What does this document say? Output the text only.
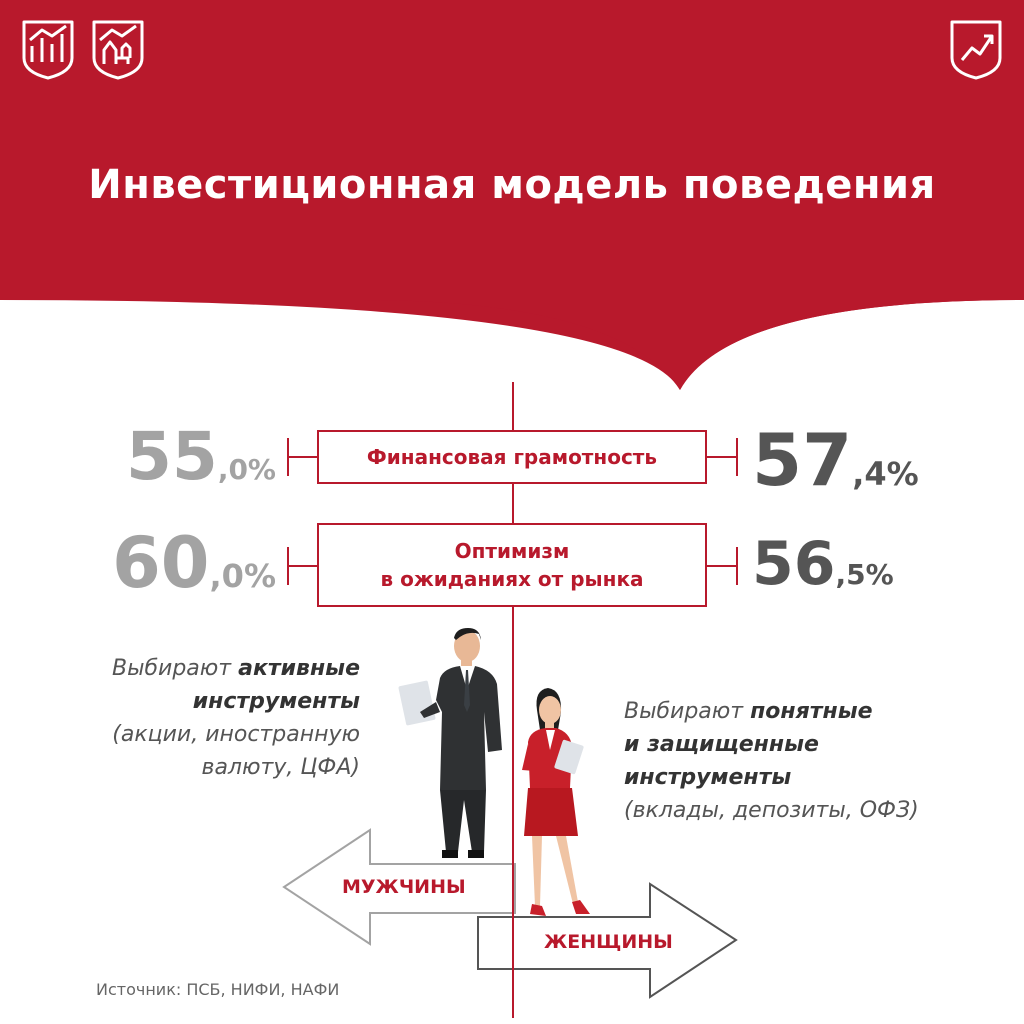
Инвестиционная модель поведения
Финансовая грамотность
55,0%	57,4%
Оптимизм
в ожиданиях от рынка
60,0%	56,5%
Выбирают активные
инструменты
(акции, иностранную
валюту, ЦФА)
Выбирают понятные
и защищенные
инструменты
(вклады, депозиты, ОФЗ)
МУЖЧИНЫ
ЖЕНЩИНЫ
Источник: ПСБ, НИФИ, НАФИ
